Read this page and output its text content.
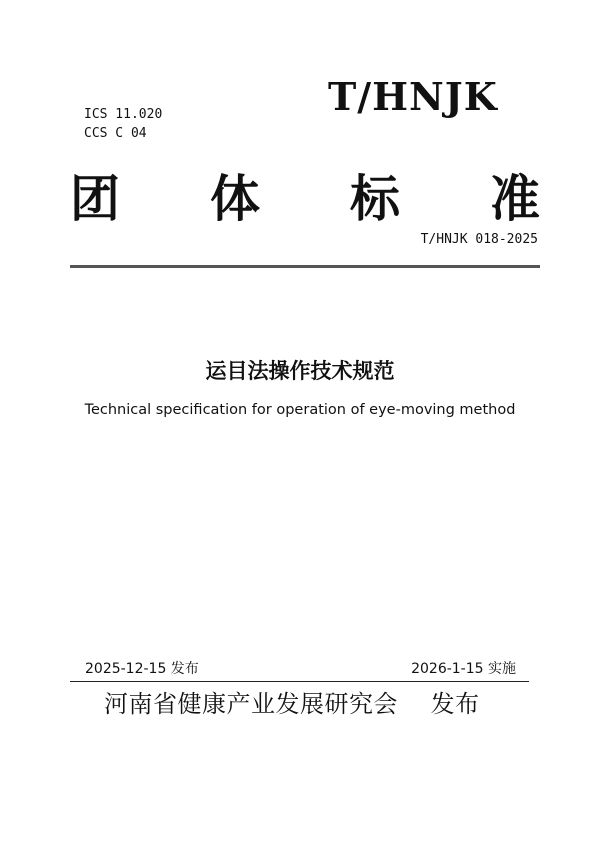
ICS 11.020
CCS C 04
T/HNJK
团 体 标 准
T/HNJK 018-2025
运目法操作技术规范
Technical specification for operation of eye-moving method
2025-12-15 发布	2026-1-15 实施
河南省健康产业发展研究会　 发布
